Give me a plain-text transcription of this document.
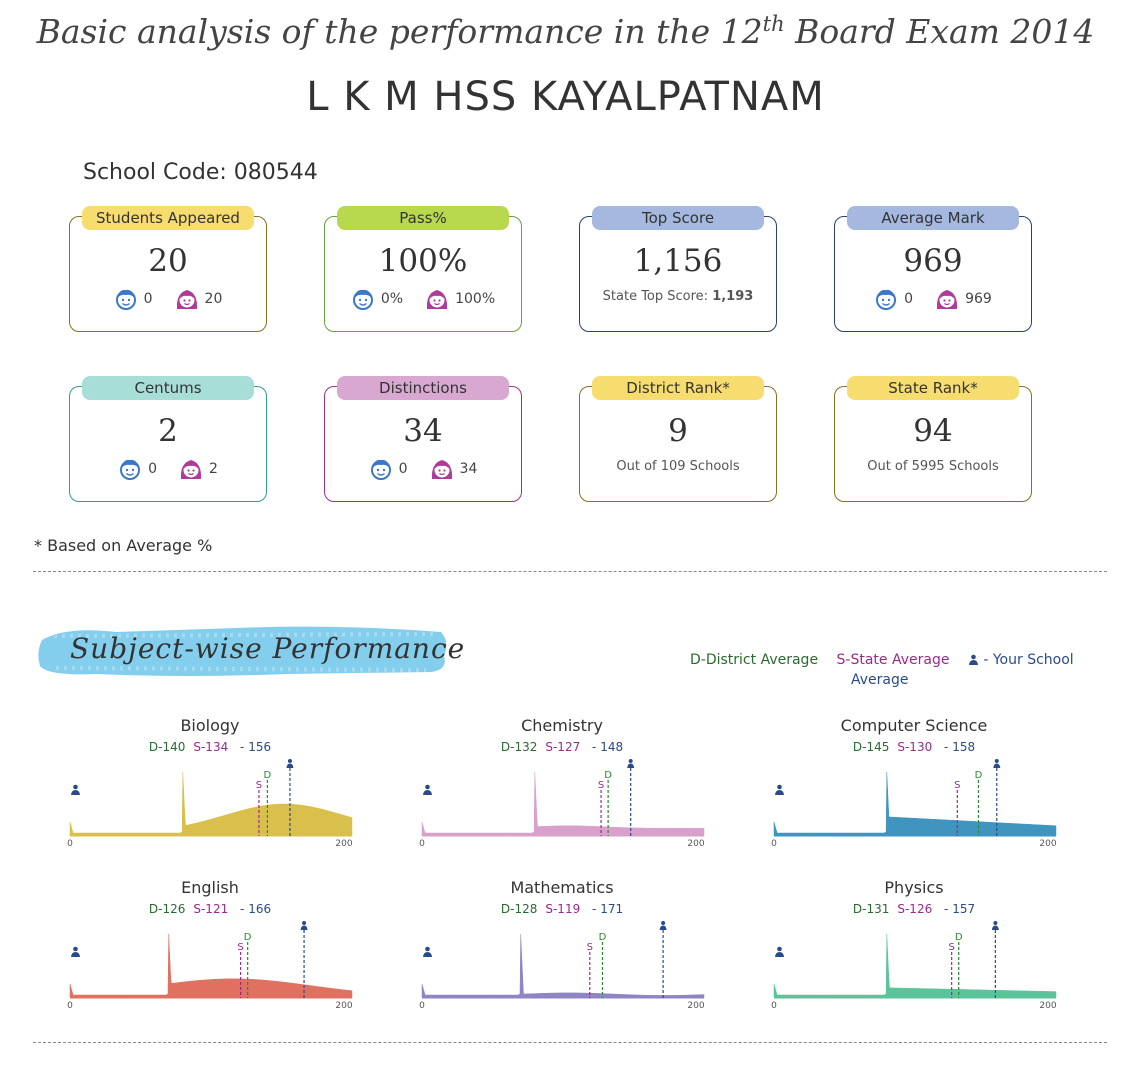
Basic analysis of the performance in the 12th Board Exam 2014
L K M HSS KAYALPATNAM
School Code: 080544
Students Appeared
20
0	20
Pass%
100%
0%	100%
Top Score
1,156
State Top Score: 1,193
Average Mark
969
0	969
Centums
2
0	2
Distinctions
34
0	34
District Rank*
9
Out of 109 Schools
State Rank*
94
Out of 5995 Schools
* Based on Average %
Subject-wise Performance	D-District Average S-State Average - Your School
Average
Biology
D-140 S-134 - 156
0	200
S
D
Chemistry
D-132 S-127 - 148
0	200
S
D
Computer Science
D-145 S-130 - 158
0	200
S
D
English
D-126 S-121 - 166
0	200
S
D
Mathematics
D-128 S-119 - 171
0	200
S
D
Physics
D-131 S-126 - 157
0	200
S
D
